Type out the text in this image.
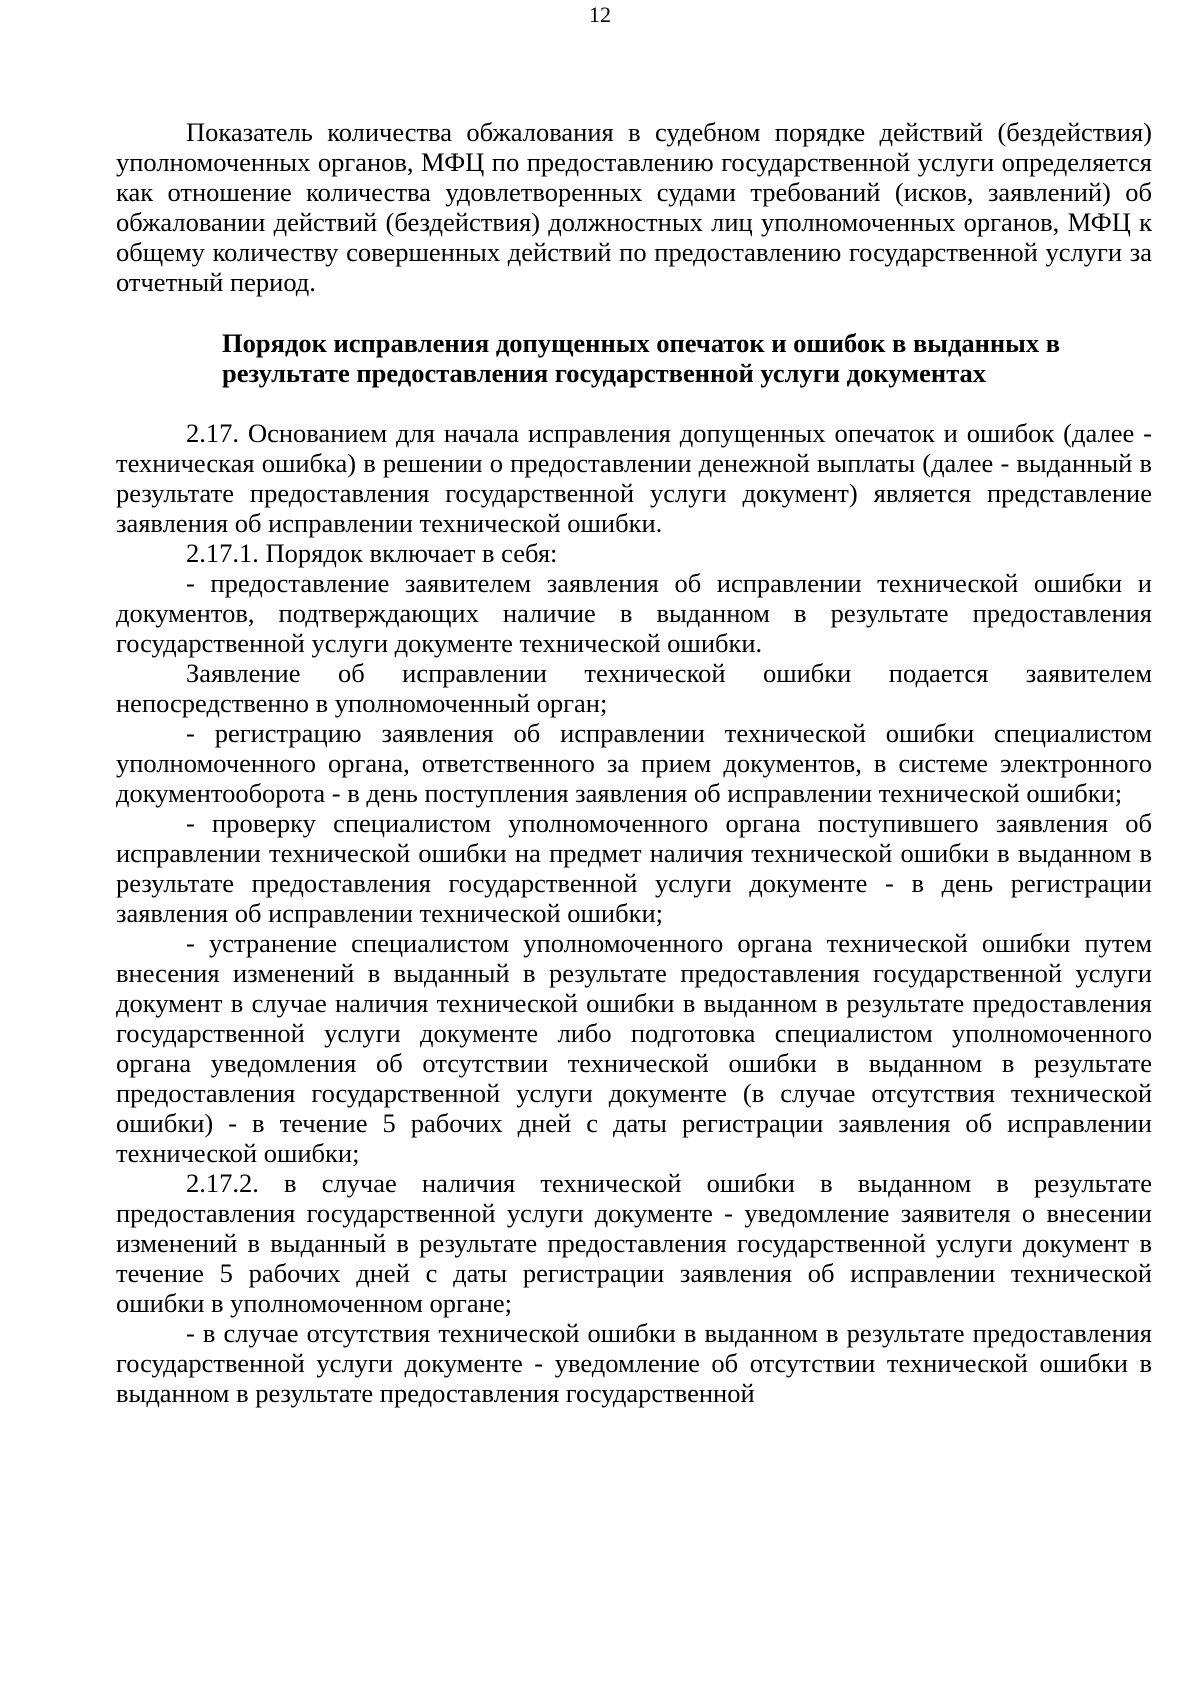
12

Показатель количества обжалования в судебном порядке действий (бездействия) уполномоченных органов, МФЦ по предоставлению государственной услуги определяется как отношение количества удовлетворенных судами требований (исков, заявлений) об обжаловании действий (бездействия) должностных лиц уполномоченных органов, МФЦ к общему количеству совершенных действий по предоставлению государственной услуги за отчетный период.

Порядок исправления допущенных опечаток и ошибок в выданных в
результате предоставления государственной услуги документах

2.17. Основанием для начала исправления допущенных опечаток и ошибок (далее - техническая ошибка) в решении о предоставлении денежной выплаты (далее - выданный в результате предоставления государственной услуги документ) является представление заявления об исправлении технической ошибки.

2.17.1. Порядок включает в себя:

- предоставление заявителем заявления об исправлении технической ошибки и документов, подтверждающих наличие в выданном в результате предоставления государственной услуги документе технической ошибки.

Заявление об исправлении технической ошибки подается заявителем непосредственно в уполномоченный орган;

- регистрацию заявления об исправлении технической ошибки специалистом уполномоченного органа, ответственного за прием документов, в системе электронного документооборота - в день поступления заявления об исправлении технической ошибки;

- проверку специалистом уполномоченного органа поступившего заявления об исправлении технической ошибки на предмет наличия технической ошибки в выданном в результате предоставления государственной услуги документе - в день регистрации заявления об исправлении технической ошибки;

- устранение специалистом уполномоченного органа технической ошибки путем внесения изменений в выданный в результате предоставления государственной услуги документ в случае наличия технической ошибки в выданном в результате предоставления государственной услуги документе либо подготовка специалистом уполномоченного органа уведомления об отсутствии технической ошибки в выданном в результате предоставления государственной услуги документе (в случае отсутствия технической ошибки) - в течение 5 рабочих дней с даты регистрации заявления об исправлении технической ошибки;

2.17.2. в случае наличия технической ошибки в выданном в результате предоставления государственной услуги документе - уведомление заявителя о внесении изменений в выданный в результате предоставления государственной услуги документ в течение 5 рабочих дней с даты регистрации заявления об исправлении технической ошибки в уполномоченном органе;

- в случае отсутствия технической ошибки в выданном в результате предоставления государственной услуги документе - уведомление об отсутствии технической ошибки в выданном в результате предоставления государственной
